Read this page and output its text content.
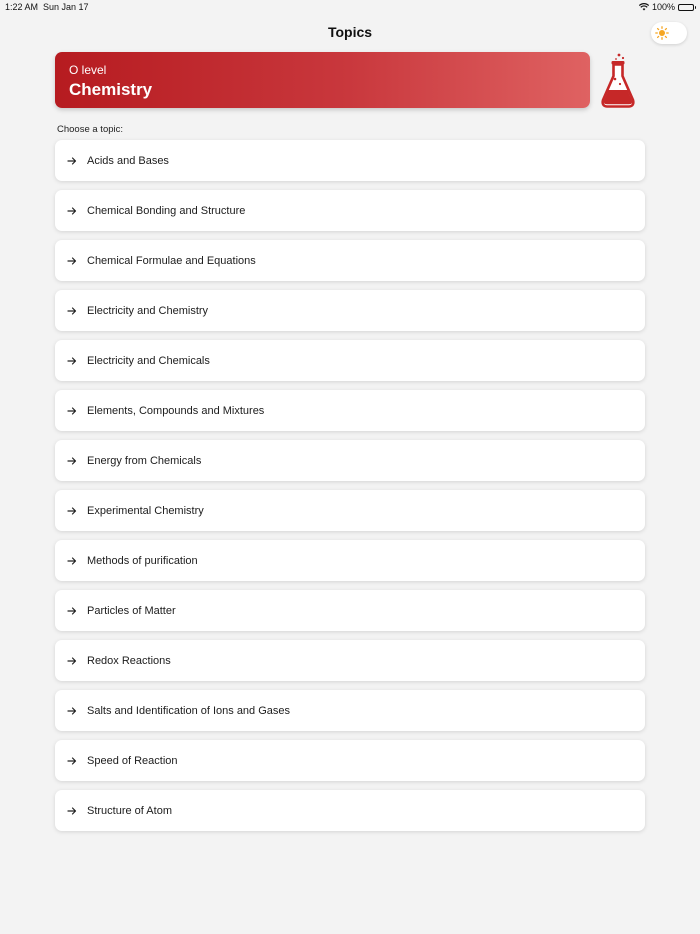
1:22 AM Sun Jan 17	100%
Topics
O level
Chemistry
Choose a topic:
Acids and Bases
Chemical Bonding and Structure
Chemical Formulae and Equations
Electricity and Chemistry
Electricity and Chemicals
Elements, Compounds and Mixtures
Energy from Chemicals
Experimental Chemistry
Methods of purification
Particles of Matter
Redox Reactions
Salts and Identification of Ions and Gases
Speed of Reaction
Structure of Atom
